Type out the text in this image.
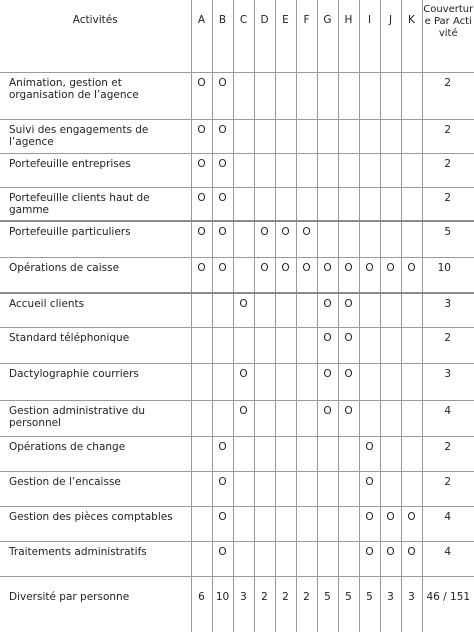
Activités	A	B	C	D	E	F	G	H	I	J	K	Couverture Par Activité
Animation, gestion et organisation de l’agence	O	O										2
Suivi des engagements de l’agence	O	O										2
Portefeuille entreprises	O	O										2
Portefeuille clients haut de gamme	O	O										2
Portefeuille particuliers	O	O		O	O	O						5
Opérations de caisse	O	O		O	O	O	O	O	O	O	O	10
Accueil clients			O				O	O				3
Standard téléphonique							O	O				2
Dactylographie courriers			O				O	O				3
Gestion administrative du personnel			O				O	O				4
Opérations de change		O							O			2
Gestion de l’encaisse		O							O			2
Gestion des pièces comptables		O							O	O	O	4
Traitements administratifs		O							O	O	O	4
Diversité par personne	6	10	3	2	2	2	5	5	5	3	3	46 / 151
